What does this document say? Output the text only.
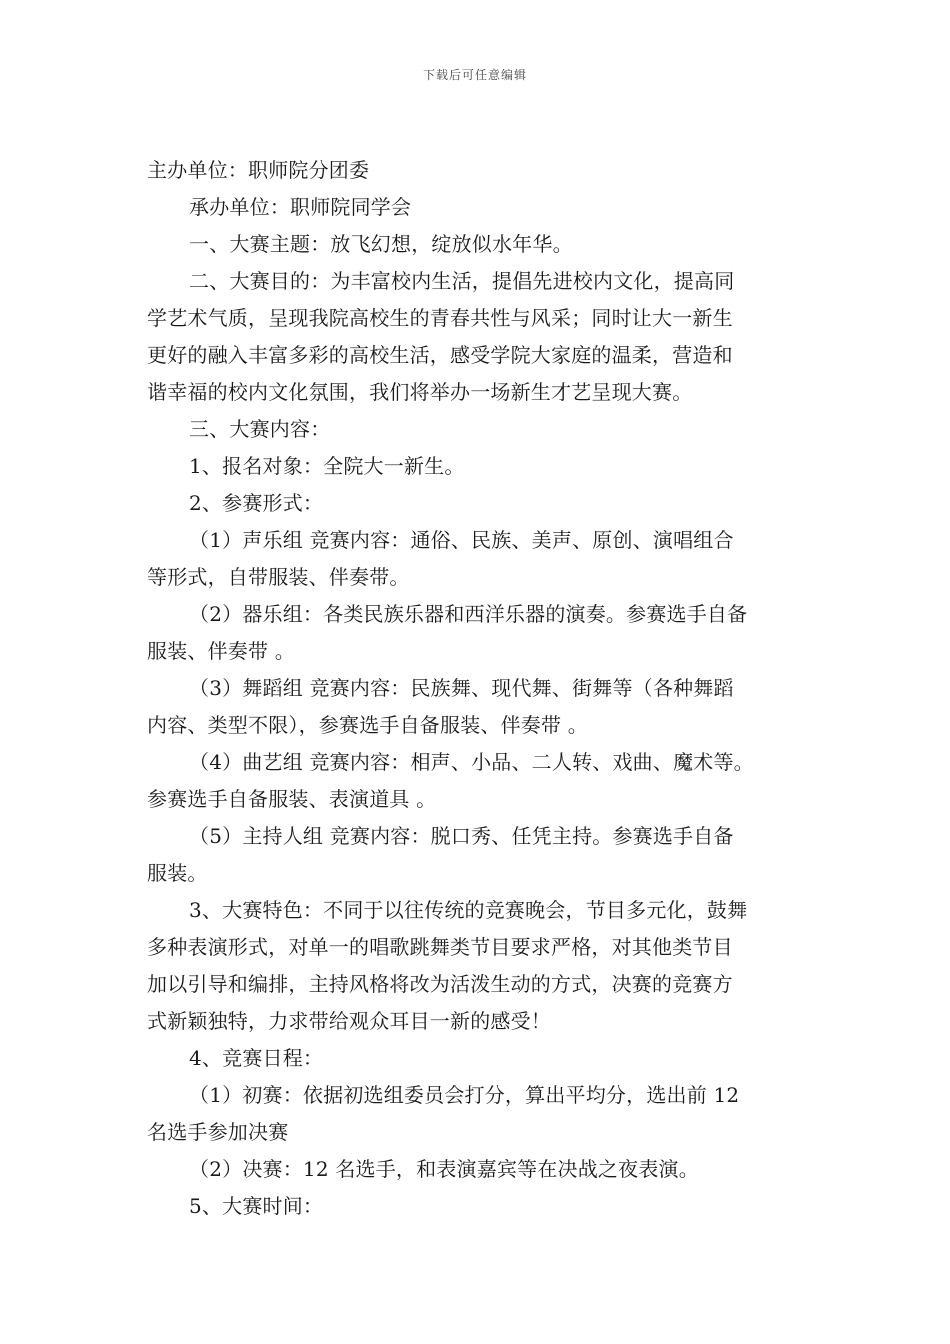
下载后可任意编辑
主办单位：职师院分团委
承办单位：职师院同学会
一、大赛主题：放飞幻想，绽放似水年华。
二、大赛目的：为丰富校内生活，提倡先进校内文化，提高同
学艺术气质，呈现我院高校生的青春共性与风采；同时让大一新生
更好的融入丰富多彩的高校生活，感受学院大家庭的温柔，营造和
谐幸福的校内文化氛围，我们将举办一场新生才艺呈现大赛。
三、大赛内容：
1、报名对象：全院大一新生。
2、参赛形式：
（1）声乐组 竞赛内容：通俗、民族、美声、原创、演唱组合
等形式，自带服装、伴奏带。
（2）器乐组：各类民族乐器和西洋乐器的演奏。参赛选手自备
服装、伴奏带 。
（3）舞蹈组 竞赛内容：民族舞、现代舞、街舞等（各种舞蹈
内容、类型不限），参赛选手自备服装、伴奏带 。
（4）曲艺组 竞赛内容：相声、小品、二人转、戏曲、魔术等。
参赛选手自备服装、表演道具 。
（5）主持人组 竞赛内容：脱口秀、任凭主持。参赛选手自备
服装。
3、大赛特色：不同于以往传统的竞赛晚会，节目多元化，鼓舞
多种表演形式，对单一的唱歌跳舞类节目要求严格，对其他类节目
加以引导和编排，主持风格将改为活泼生动的方式，决赛的竞赛方
式新颖独特，力求带给观众耳目一新的感受！
4、竞赛日程：
（1）初赛：依据初选组委员会打分，算出平均分，选出前 12
名选手参加决赛
（2）决赛：12 名选手，和表演嘉宾等在决战之夜表演。
5、大赛时间：
